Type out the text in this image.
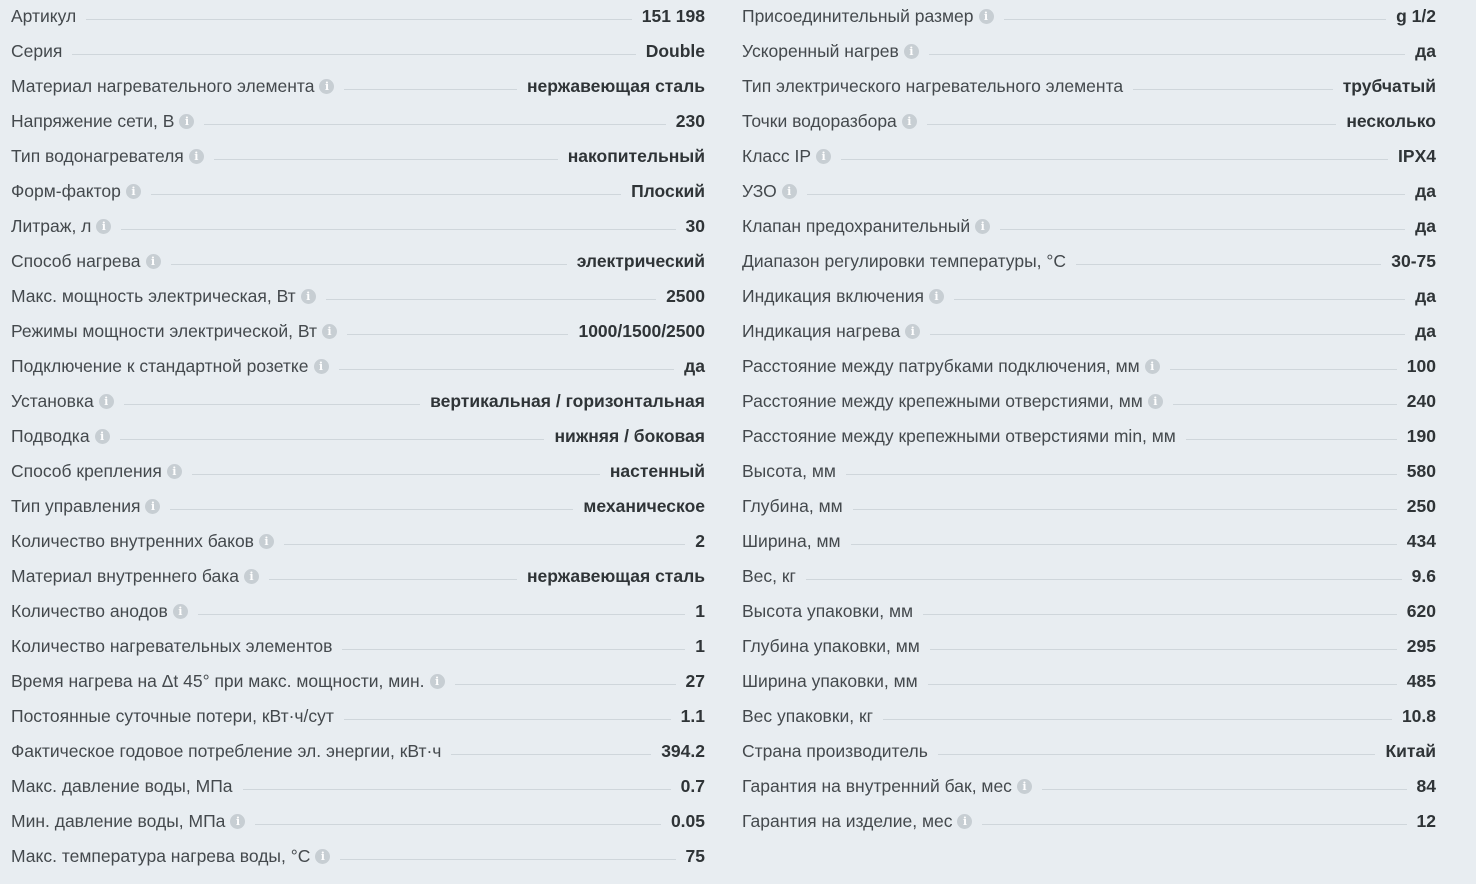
Артикул	151 198
Серия	Double
Материал нагревательного элемента i	нержавеющая сталь
Напряжение сети, В i	230
Тип водонагревателя i	накопительный
Форм-фактор i	Плоский
Литраж, л i	30
Способ нагрева i	электрический
Макс. мощность электрическая, Вт i	2500
Режимы мощности электрической, Вт i	1000/1500/2500
Подключение к стандартной розетке i	да
Установка i	вертикальная / горизонтальная
Подводка i	нижняя / боковая
Способ крепления i	настенный
Тип управления i	механическое
Количество внутренних баков i	2
Материал внутреннего бака i	нержавеющая сталь
Количество анодов i	1
Количество нагревательных элементов	1
Время нагрева на Δt 45° при макс. мощности, мин. i	27
Постоянные суточные потери, кВт·ч/сут	1.1
Фактическое годовое потребление эл. энергии, кВт·ч	394.2
Макс. давление воды, МПа	0.7
Мин. давление воды, МПа i	0.05
Макс. температура нагрева воды, °С i	75
Присоединительный размер i	g 1/2
Ускоренный нагрев i	да
Тип электрического нагревательного элемента	трубчатый
Точки водоразбора i	несколько
Класс IP i	IPX4
УЗО i	да
Клапан предохранительный i	да
Диапазон регулировки температуры, °С	30-75
Индикация включения i	да
Индикация нагрева i	да
Расстояние между патрубками подключения, мм i	100
Расстояние между крепежными отверстиями, мм i	240
Расстояние между крепежными отверстиями min, мм	190
Высота, мм	580
Глубина, мм	250
Ширина, мм	434
Вес, кг	9.6
Высота упаковки, мм	620
Глубина упаковки, мм	295
Ширина упаковки, мм	485
Вес упаковки, кг	10.8
Страна производитель	Китай
Гарантия на внутренний бак, мес i	84
Гарантия на изделие, мес i	12
